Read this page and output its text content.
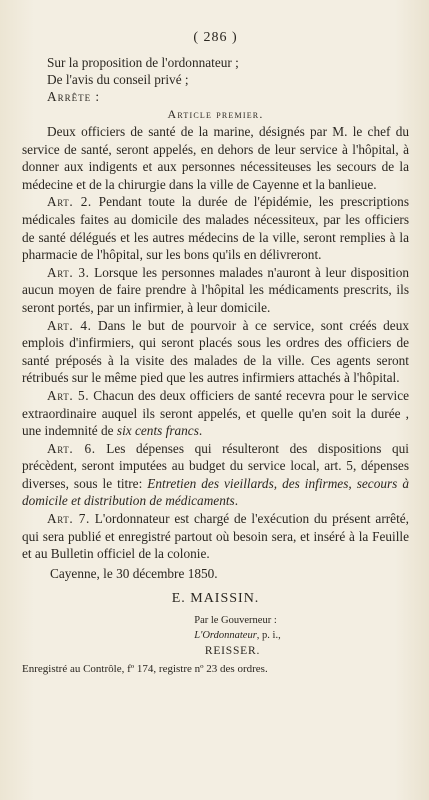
( 286 )

Sur la proposition de l'ordonnateur ;

De l'avis du conseil privé ;

Arrête :

Article premier.

Deux officiers de santé de la marine, désignés par M. le chef du service de santé, seront appelés, en dehors de leur service à l'hôpital, à donner aux indigents et aux personnes nécessiteuses les secours de la médecine et de la chirurgie dans la ville de Cayenne et la banlieue.

Art. 2. Pendant toute la durée de l'épidémie, les prescriptions médicales faites au domicile des malades nécessiteux, par les officiers de santé délégués et les autres médecins de la ville, seront remplies à la pharmacie de l'hôpital, sur les bons qu'ils en délivreront.

Art. 3. Lorsque les personnes malades n'auront à leur disposition aucun moyen de faire prendre à l'hôpital les médicaments prescrits, ils seront portés, par un infirmier, à leur domicile.

Art. 4. Dans le but de pourvoir à ce service, sont créés deux emplois d'infirmiers, qui seront placés sous les ordres des officiers de santé préposés à la visite des malades de la ville. Ces agents seront rétribués sur le même pied que les autres infirmiers attachés à l'hôpital.

Art. 5. Chacun des deux officiers de santé recevra pour le service extraordinaire auquel ils seront appelés, et quelle qu'en soit la durée , une indemnité de six cents francs.

Art. 6. Les dépenses qui résulteront des dispositions qui précèdent, seront imputées au budget du service local, art. 5, dépenses diverses, sous le titre: Entretien des vieillards, des infirmes, secours à domicile et distribution de médicaments.

Art. 7. L'ordonnateur est chargé de l'exécution du présent arrêté, qui sera publié et enregistré partout où besoin sera, et inséré à la Feuille et au Bulletin officiel de la colonie.

Cayenne, le 30 décembre 1850.

E. MAISSIN.

Par le Gouverneur :

L'Ordonnateur, p. i.,

REISSER.

Enregistré au Contrôle, fº 174, registre nº 23 des ordres.
